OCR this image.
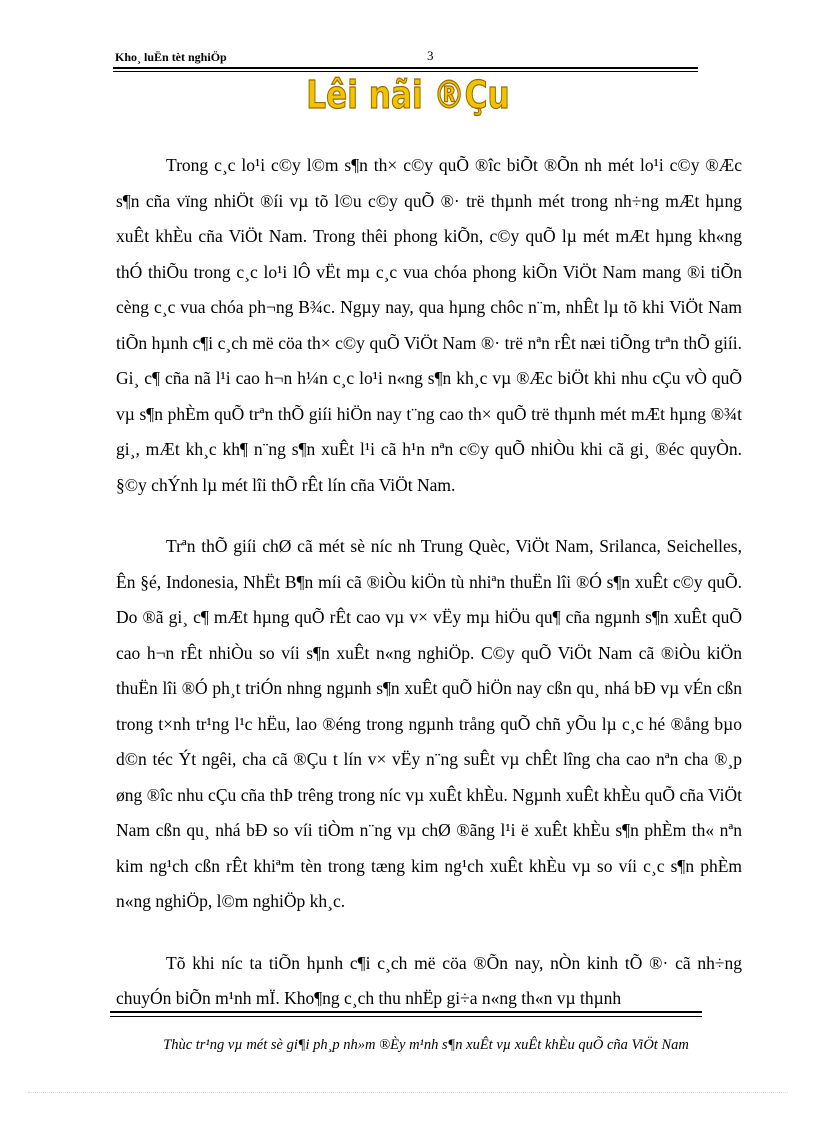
Kho¸ luËn tèt nghiÖp	3
Lêi nãi ®Çu

Trong c¸c lo¹i c©y l©m s¶n th× c©y quÕ ®îc biÕt ®Õn nh mét lo¹i c©y ®Æc s¶n cña vïng nhiÖt ®íi vµ tõ l©u c©y quÕ ®· trë thµnh mét trong nh÷ng mÆt hµng xuÊt khÈu cña ViÖt Nam. Trong thêi phong kiÕn, c©y quÕ lµ mét mÆt hµng kh«ng thÓ thiÕu trong c¸c lo¹i lÔ vËt mµ c¸c vua chóa phong kiÕn ViÖt Nam mang ®i tiÕn cèng c¸c vua chóa ph¬ng B¾c. Ngµy nay, qua hµng chôc n¨m, nhÊt lµ tõ khi ViÖt Nam tiÕn hµnh c¶i c¸ch më cöa th× c©y quÕ ViÖt Nam ®· trë nªn rÊt næi tiÕng trªn thÕ giíi. Gi¸ c¶ cña nã l¹i cao h¬n h¼n c¸c lo¹i n«ng s¶n kh¸c vµ ®Æc biÖt khi nhu cÇu vÒ quÕ vµ s¶n phÈm quÕ trªn thÕ giíi hiÖn nay t¨ng cao th× quÕ trë thµnh mét mÆt hµng ®¾t gi¸, mÆt kh¸c kh¶ n¨ng s¶n xuÊt l¹i cã h¹n nªn c©y quÕ nhiÒu khi cã gi¸ ®éc quyÒn. §©y chÝnh lµ mét lîi thÕ rÊt lín cña ViÖt Nam.

Trªn thÕ giíi chØ cã mét sè níc nh Trung Quèc, ViÖt Nam, Srilanca, Seichelles, Ên §é, Indonesia, NhËt B¶n míi cã ®iÒu kiÖn tù nhiªn thuËn lîi ®Ó s¶n xuÊt c©y quÕ. Do ®ã gi¸ c¶ mÆt hµng quÕ rÊt cao vµ v× vËy mµ hiÖu qu¶ cña ngµnh s¶n xuÊt quÕ cao h¬n rÊt nhiÒu so víi s¶n xuÊt n«ng nghiÖp. C©y quÕ ViÖt Nam cã ®iÒu kiÖn thuËn lîi ®Ó ph¸t triÓn nhng ngµnh s¶n xuÊt quÕ hiÖn nay cßn qu¸ nhá bÐ vµ vÉn cßn trong t×nh tr¹ng l¹c hËu, lao ®éng trong ngµnh trång quÕ chñ yÕu lµ c¸c hé ®ång bµo d©n téc Ýt ngêi, cha cã ®Çu t lín v× vËy n¨ng suÊt vµ chÊt lîng cha cao nªn cha ®¸p øng ®îc nhu cÇu cña thÞ trêng trong níc vµ xuÊt khÈu. Ngµnh xuÊt khÈu quÕ cña ViÖt Nam cßn qu¸ nhá bÐ so víi tiÒm n¨ng vµ chØ ®ãng l¹i ë xuÊt khÈu s¶n phÈm th« nªn kim ng¹ch cßn rÊt khiªm tèn trong tæng kim ng¹ch xuÊt khÈu vµ so víi c¸c s¶n phÈm n«ng nghiÖp, l©m nghiÖp kh¸c.

Tõ khi níc ta tiÕn hµnh c¶i c¸ch më cöa ®Õn nay, nÒn kinh tÕ ®· cã nh÷ng chuyÓn biÕn m¹nh mÏ. Kho¶ng c¸ch thu nhËp gi÷a n«ng th«n vµ thµnh

Thùc tr¹ng vµ mét sè gi¶i ph¸p nh»m ®Èy m¹nh s¶n xuÊt vµ xuÊt khÈu quÕ cña ViÖt Nam
